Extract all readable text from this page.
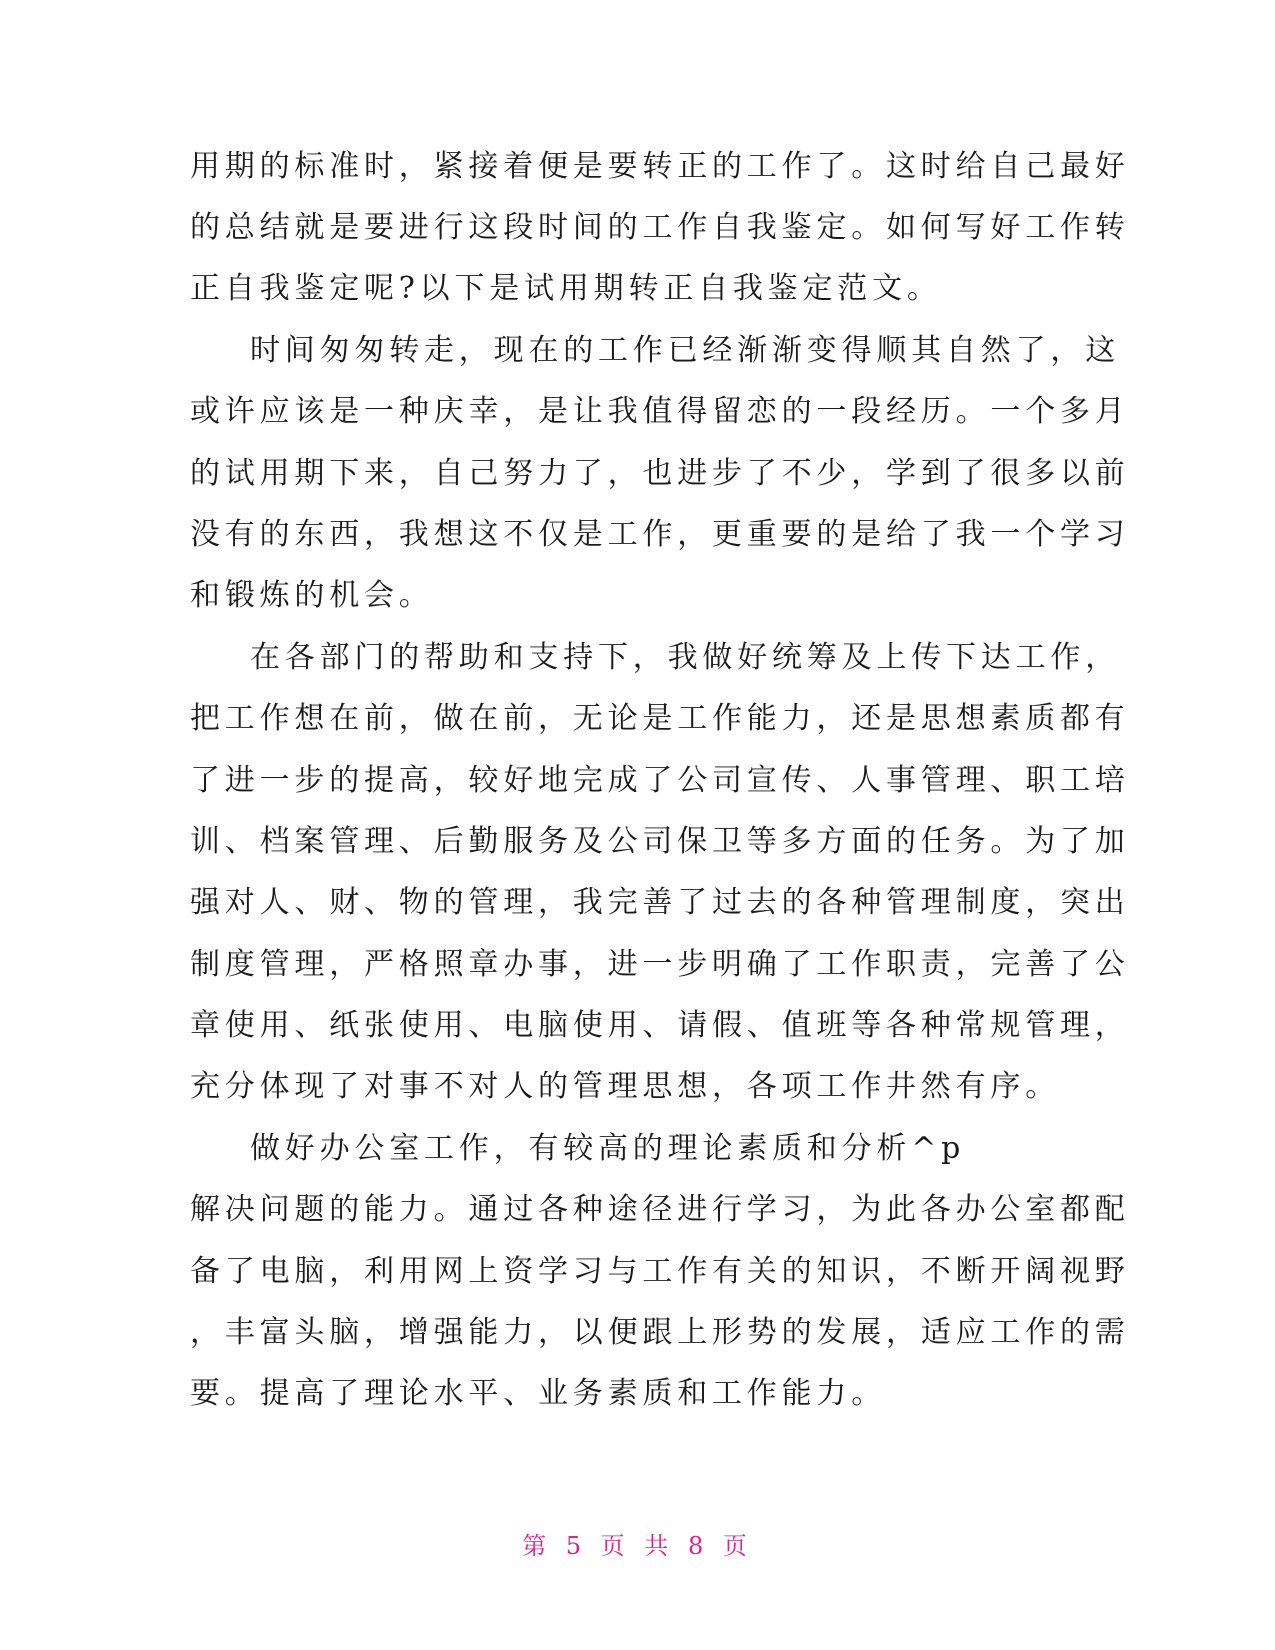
用期的标准时，紧接着便是要转正的工作了。这时给自己最好
的总结就是要进行这段时间的工作自我鉴定。如何写好工作转
正自我鉴定呢?以下是试用期转正自我鉴定范文。
时间匆匆转走，现在的工作已经渐渐变得顺其自然了，这
或许应该是一种庆幸，是让我值得留恋的一段经历。一个多月
的试用期下来，自己努力了，也进步了不少，学到了很多以前
没有的东西，我想这不仅是工作，更重要的是给了我一个学习
和锻炼的机会。
在各部门的帮助和支持下，我做好统筹及上传下达工作，
把工作想在前，做在前，无论是工作能力，还是思想素质都有
了进一步的提高，较好地完成了公司宣传、人事管理、职工培
训、档案管理、后勤服务及公司保卫等多方面的任务。为了加
强对人、财、物的管理，我完善了过去的各种管理制度，突出
制度管理，严格照章办事，进一步明确了工作职责，完善了公
章使用、纸张使用、电脑使用、请假、值班等各种常规管理，
充分体现了对事不对人的管理思想，各项工作井然有序。
做好办公室工作，有较高的理论素质和分析^p
解决问题的能力。通过各种途径进行学习，为此各办公室都配
备了电脑，利用网上资学习与工作有关的知识，不断开阔视野
，丰富头脑，增强能力，以便跟上形势的发展，适应工作的需
要。提高了理论水平、业务素质和工作能力。
第 5 页 共 8 页
